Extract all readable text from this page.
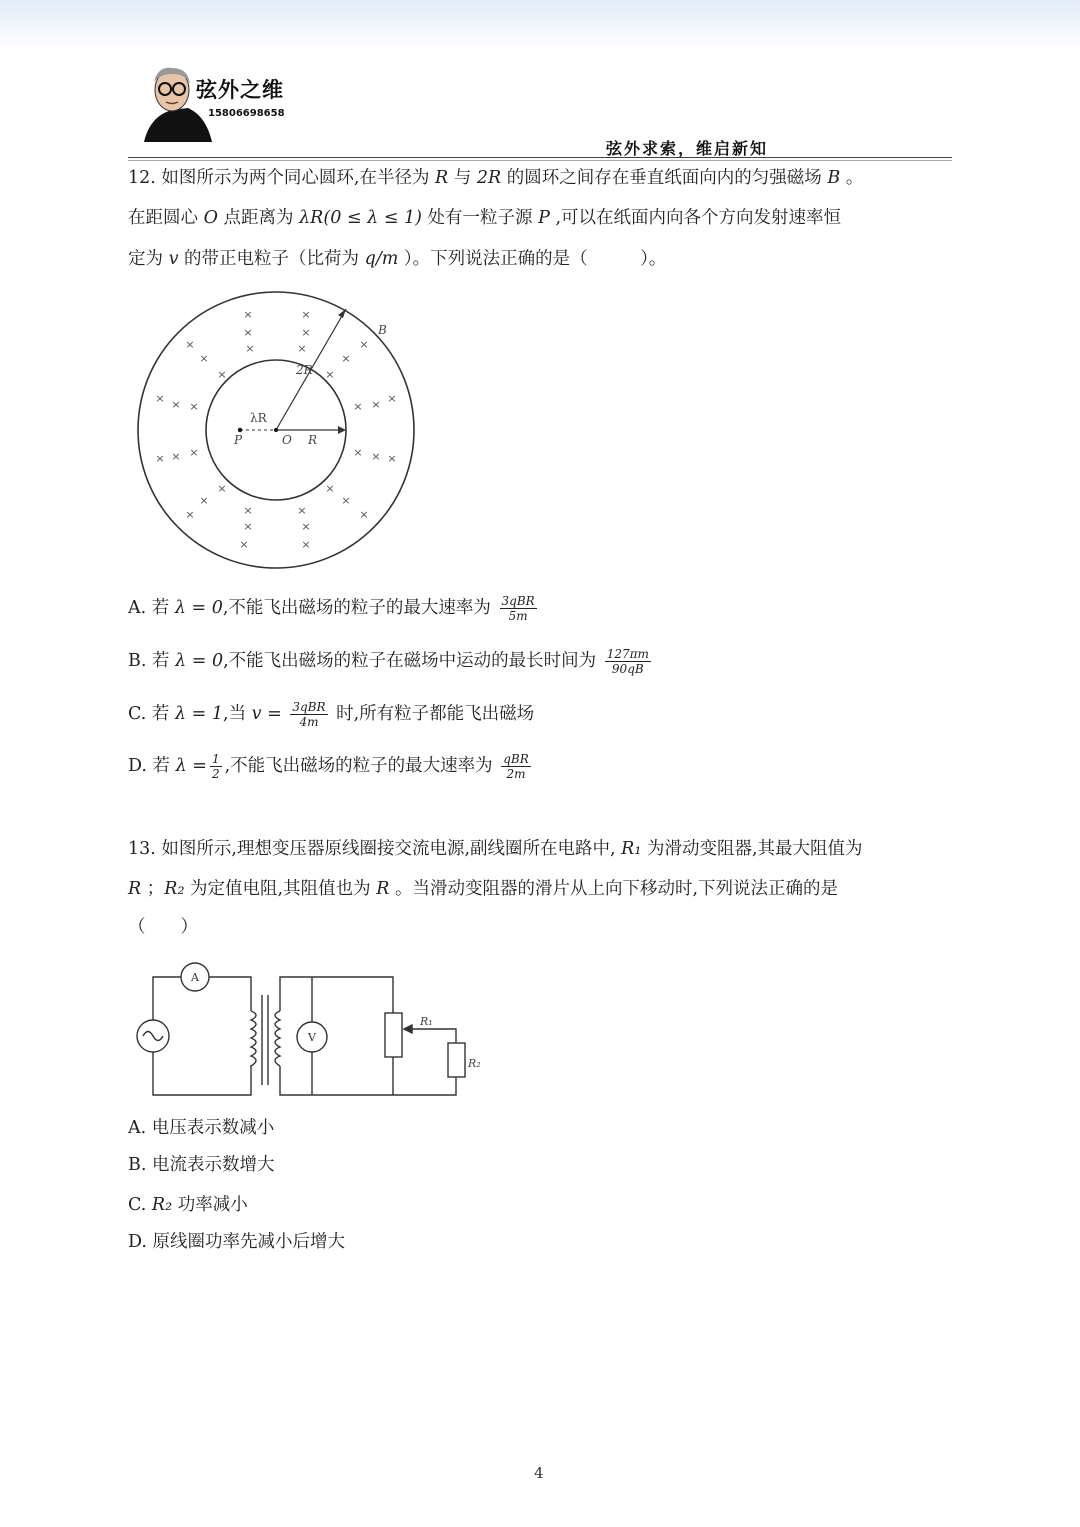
弦外之维
15806698658
弦外求索，维启新知
12. 如图所示为两个同心圆环,在半径为 R 与 2R 的圆环之间存在垂直纸面向内的匀强磁场 B 。
在距圆心 O 点距离为 λR(0 ≤ λ ≤ 1) 处有一粒子源 P ,可以在纸面内向各个方向发射速率恒
定为 v 的带正电粒子（比荷为 q/m ）。下列说法正确的是（　　　）。
×	×
×
×	×
×
×	×
×	×
×	×
× × ×	× × ×
× × ×	× × ×
×
×	×
×
×	×
×	×
×	×
×	×
B
2R
λR
P	O R
A. 若 λ = 0,不能飞出磁场的粒子的最大速率为 $\frac{\text{3qBR}}{5m}$
B. 若 λ = 0,不能飞出磁场的粒子在磁场中运动的最长时间为 $\frac{127\pi m}{90qB}$
C. 若 λ = 1,当 $v = \frac{\text{3qBR}}{4m}$ 时,所有粒子都能飞出磁场
D. 若 $\lambda = \frac{1}{2}$ ,不能飞出磁场的粒子的最大速率为 $\frac{\text{qBR}}{2m}$
13. 如图所示,理想变压器原线圈接交流电源,副线圈所在电路中, R₁ 为滑动变阻器,其最大阻值为
R ；R₂ 为定值电阻,其阻值也为 R 。当滑动变阻器的滑片从上向下移动时,下列说法正确的是
（　　）
A
V
R₁
R₂
A. 电压表示数减小
B. 电流表示数增大
C. R₂ 功率减小
D. 原线圈功率先减小后增大
4
